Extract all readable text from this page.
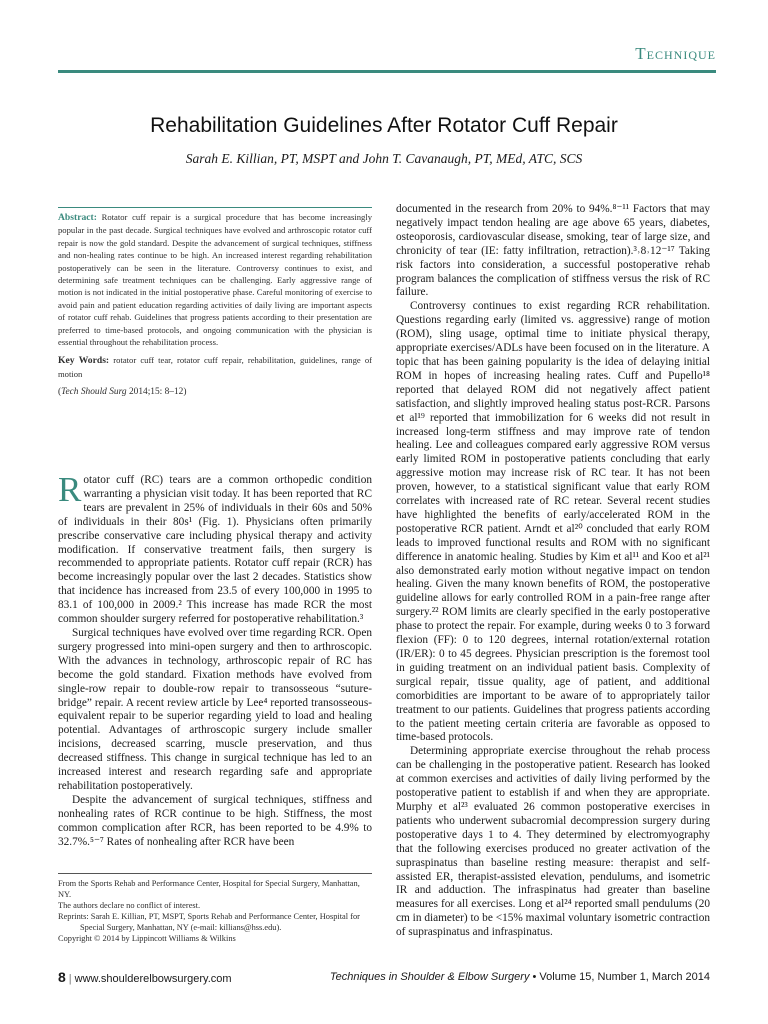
Technique
Rehabilitation Guidelines After Rotator Cuff Repair
Sarah E. Killian, PT, MSPT and John T. Cavanaugh, PT, MEd, ATC, SCS

Abstract: Rotator cuff repair is a surgical procedure that has become increasingly popular in the past decade. Surgical techniques have evolved and arthroscopic rotator cuff repair is now the gold standard. Despite the advancement of surgical techniques, stiffness and non-healing rates continue to be high. An increased interest regarding rehabilitation postoperatively can be seen in the literature. Controversy continues to exist, and determining safe treatment techniques can be challenging. Early aggressive range of motion is not indicated in the initial postoperative phase. Careful monitoring of exercise to avoid pain and patient education regarding activities of daily living are important aspects of rotator cuff rehab. Guidelines that progress patients according to their presentation are preferred to time-based protocols, and ongoing communication with the physician is essential throughout the rehabilitation process.

Key Words: rotator cuff tear, rotator cuff repair, rehabilitation, guidelines, range of motion

(Tech Should Surg 2014;15: 8–12)

Rotator cuff (RC) tears are a common orthopedic condition warranting a physician visit today. It has been reported that RC tears are prevalent in 25% of individuals in their 60s and 50% of individuals in their 80s¹ (Fig. 1). Physicians often primarily prescribe conservative care including physical therapy and activity modification. If conservative treatment fails, then surgery is recommended to appropriate patients. Rotator cuff repair (RCR) has become increasingly popular over the last 2 decades. Statistics show that incidence has increased from 23.5 of every 100,000 in 1995 to 83.1 of 100,000 in 2009.² This increase has made RCR the most common shoulder surgery referred for postoperative rehabilitation.³

Surgical techniques have evolved over time regarding RCR. Open surgery progressed into mini-open surgery and then to arthroscopic. With the advances in technology, arthroscopic repair of RC has become the gold standard. Fixation methods have evolved from single-row repair to double-row repair to transosseous “suture-bridge” repair. A recent review article by Lee⁴ reported transosseous-equivalent repair to be superior regarding yield to load and healing potential. Advantages of arthroscopic surgery include smaller incisions, decreased scarring, muscle preservation, and thus decreased stiffness. This change in surgical technique has led to an increased interest and research regarding safe and appropriate rehabilitation postoperatively.

Despite the advancement of surgical techniques, stiffness and nonhealing rates of RCR continue to be high. Stiffness, the most common complication after RCR, has been reported to be 4.9% to 32.7%.⁵⁻⁷ Rates of nonhealing after RCR have been

documented in the research from 20% to 94%.⁸⁻¹¹ Factors that may negatively impact tendon healing are age above 65 years, diabetes, osteoporosis, cardiovascular disease, smoking, tear of large size, and chronicity of tear (IE: fatty infiltration, retraction).³˒8˒12⁻¹⁷ Taking risk factors into consideration, a successful postoperative rehab program balances the complication of stiffness versus the risk of RC failure.

Controversy continues to exist regarding RCR rehabilitation. Questions regarding early (limited vs. aggressive) range of motion (ROM), sling usage, optimal time to initiate physical therapy, appropriate exercises/ADLs have been focused on in the literature. A topic that has been gaining popularity is the idea of delaying initial ROM in hopes of increasing healing rates. Cuff and Pupello¹⁸ reported that delayed ROM did not negatively affect patient satisfaction, and slightly improved healing status post-RCR. Parsons et al¹⁹ reported that immobilization for 6 weeks did not result in increased long-term stiffness and may improve rate of tendon healing. Lee and colleagues compared early aggressive ROM versus early limited ROM in postoperative patients concluding that early aggressive motion may increase risk of RC tear. It has not been proven, however, to a statistical significant value that early ROM correlates with increased rate of RC retear. Several recent studies have highlighted the benefits of early/accelerated ROM in the postoperative RCR patient. Arndt et al²⁰ concluded that early ROM leads to improved functional results and ROM with no significant difference in anatomic healing. Studies by Kim et al¹¹ and Koo et al²¹ also demonstrated early motion without negative impact on tendon healing. Given the many known benefits of ROM, the postoperative guideline allows for early controlled ROM in a pain-free range after surgery.²² ROM limits are clearly specified in the early postoperative phase to protect the repair. For example, during weeks 0 to 3 forward flexion (FF): 0 to 120 degrees, internal rotation/external rotation (IR/ER): 0 to 45 degrees. Physician prescription is the foremost tool in guiding treatment on an individual patient basis. Complexity of surgical repair, tissue quality, age of patient, and additional comorbidities are important to be aware of to appropriately tailor treatment to our patients. Guidelines that progress patients according to the patient meeting certain criteria are favorable as opposed to time-based protocols.

Determining appropriate exercise throughout the rehab process can be challenging in the postoperative patient. Research has looked at common exercises and activities of daily living performed by the postoperative patient to establish if and when they are appropriate. Murphy et al²³ evaluated 26 common postoperative exercises in patients who underwent subacromial decompression surgery during postoperative days 1 to 4. They determined by electromyography that the following exercises produced no greater activation of the supraspinatus than baseline resting measure: therapist and self-assisted ER, therapist-assisted elevation, pendulums, and isometric IR and adduction. The infraspinatus had greater than baseline measures for all exercises. Long et al²⁴ reported small pendulums (20 cm in diameter) to be <15% maximal voluntary isometric contraction of supraspinatus and infraspinatus.

From the Sports Rehab and Performance Center, Hospital for Special Surgery, Manhattan, NY.

The authors declare no conflict of interest.

Reprints: Sarah E. Killian, PT, MSPT, Sports Rehab and Performance Center, Hospital for Special Surgery, Manhattan, NY (e-mail: killians@hss.edu).

Copyright © 2014 by Lippincott Williams & Wilkins

8 | www.shoulderelbowsurgery.com	Techniques in Shoulder & Elbow Surgery • Volume 15, Number 1, March 2014
